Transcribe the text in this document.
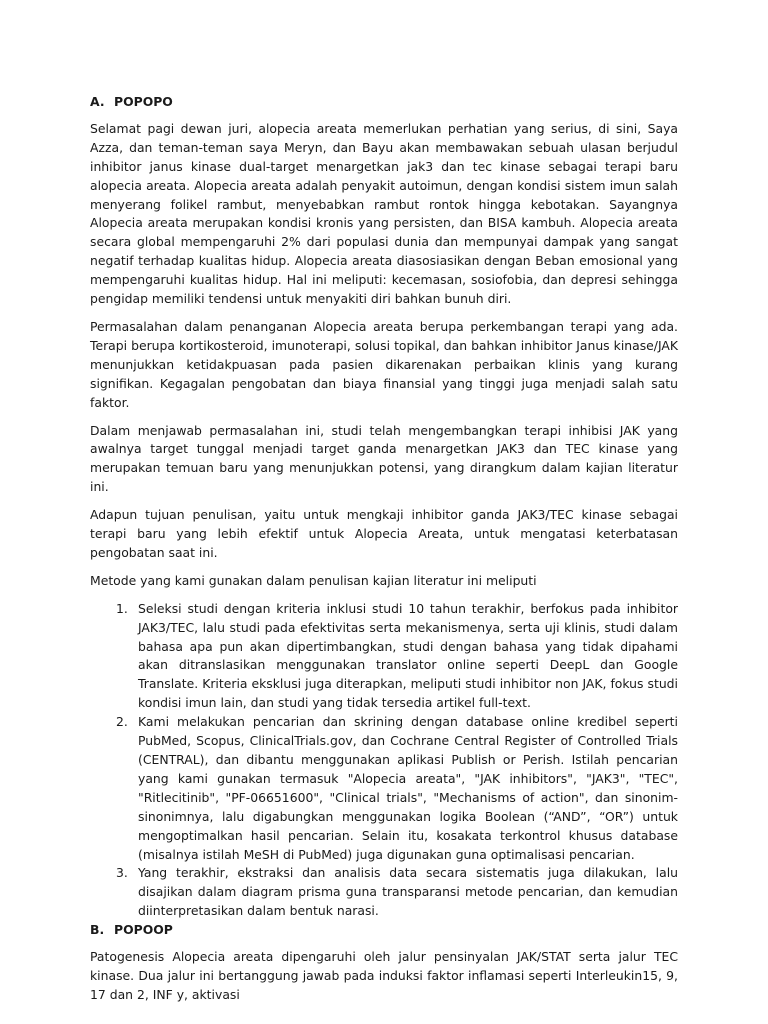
A. POPOPO

Selamat pagi dewan juri, alopecia areata memerlukan perhatian yang serius, di sini, Saya Azza, dan teman-teman saya Meryn, dan Bayu akan membawakan sebuah ulasan berjudul inhibitor janus kinase dual-target menargetkan jak3 dan tec kinase sebagai terapi baru alopecia areata. Alopecia areata adalah penyakit autoimun, dengan kondisi sistem imun salah menyerang folikel rambut, menyebabkan rambut rontok hingga kebotakan. Sayangnya Alopecia areata merupakan kondisi kronis yang persisten, dan BISA kambuh. Alopecia areata secara global mempengaruhi 2% dari populasi dunia dan mempunyai dampak yang sangat negatif terhadap kualitas hidup. Alopecia areata diasosiasikan dengan Beban emosional yang mempengaruhi kualitas hidup. Hal ini meliputi: kecemasan, sosiofobia, dan depresi sehingga pengidap memiliki tendensi untuk menyakiti diri bahkan bunuh diri.

Permasalahan dalam penanganan Alopecia areata berupa perkembangan terapi yang ada. Terapi berupa kortikosteroid, imunoterapi, solusi topikal, dan bahkan inhibitor Janus kinase/JAK menunjukkan ketidakpuasan pada pasien dikarenakan perbaikan klinis yang kurang signifikan. Kegagalan pengobatan dan biaya finansial yang tinggi juga menjadi salah satu faktor.

Dalam menjawab permasalahan ini, studi telah mengembangkan terapi inhibisi JAK yang awalnya target tunggal menjadi target ganda menargetkan JAK3 dan TEC kinase yang merupakan temuan baru yang menunjukkan potensi, yang dirangkum dalam kajian literatur ini.

Adapun tujuan penulisan, yaitu untuk mengkaji inhibitor ganda JAK3/TEC kinase sebagai terapi baru yang lebih efektif untuk Alopecia Areata, untuk mengatasi keterbatasan pengobatan saat ini.

Metode yang kami gunakan dalam penulisan kajian literatur ini meliputi

1. Seleksi studi dengan kriteria inklusi studi 10 tahun terakhir, berfokus pada inhibitor JAK3/TEC, lalu studi pada efektivitas serta mekanismenya, serta uji klinis, studi dalam bahasa apa pun akan dipertimbangkan, studi dengan bahasa yang tidak dipahami akan ditranslasikan menggunakan translator online seperti DeepL dan Google Translate. Kriteria eksklusi juga diterapkan, meliputi studi inhibitor non JAK, fokus studi kondisi imun lain, dan studi yang tidak tersedia artikel full-text.
2. Kami melakukan pencarian dan skrining dengan database online kredibel seperti PubMed, Scopus, ClinicalTrials.gov, dan Cochrane Central Register of Controlled Trials (CENTRAL), dan dibantu menggunakan aplikasi Publish or Perish. Istilah pencarian yang kami gunakan termasuk "Alopecia areata", "JAK inhibitors", "JAK3", "TEC", "Ritlecitinib", "PF-06651600", "Clinical trials", "Mechanisms of action", dan sinonim-sinonimnya, lalu digabungkan menggunakan logika Boolean (“AND”, “OR”) untuk mengoptimalkan hasil pencarian. Selain itu, kosakata terkontrol khusus database (misalnya istilah MeSH di PubMed) juga digunakan guna optimalisasi pencarian.
3. Yang terakhir, ekstraksi dan analisis data secara sistematis juga dilakukan, lalu disajikan dalam diagram prisma guna transparansi metode pencarian, dan kemudian diinterpretasikan dalam bentuk narasi.
B. POPOOP

Patogenesis Alopecia areata dipengaruhi oleh jalur pensinyalan JAK/STAT serta jalur TEC kinase. Dua jalur ini bertanggung jawab pada induksi faktor inflamasi seperti Interleukin15, 9, 17 dan 2, INF y, aktivasi
